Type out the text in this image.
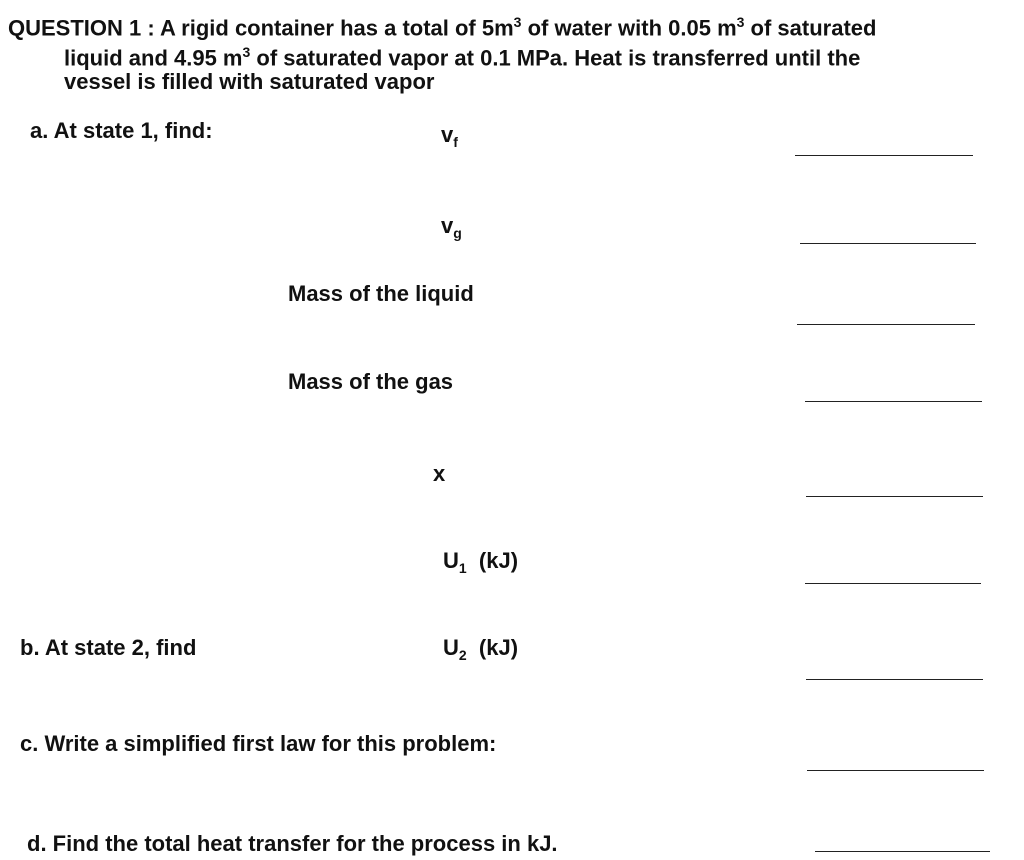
QUESTION 1 : A rigid container has a total of $5m^3$ of water with 0.05 $m^3$ of saturated
liquid and 4.95 $m^3$ of saturated vapor at 0.1 MPa. Heat is transferred until the
vessel is filled with saturated vapor
a. At state 1, find:	$v_f$
$v_g$
Mass of the liquid
Mass of the gas
x
$U_1$  (kJ)
b. At state 2, find	$U_2$  (kJ)
c. Write a simplified first law for this problem:
d. Find the total heat transfer for the process in kJ.
